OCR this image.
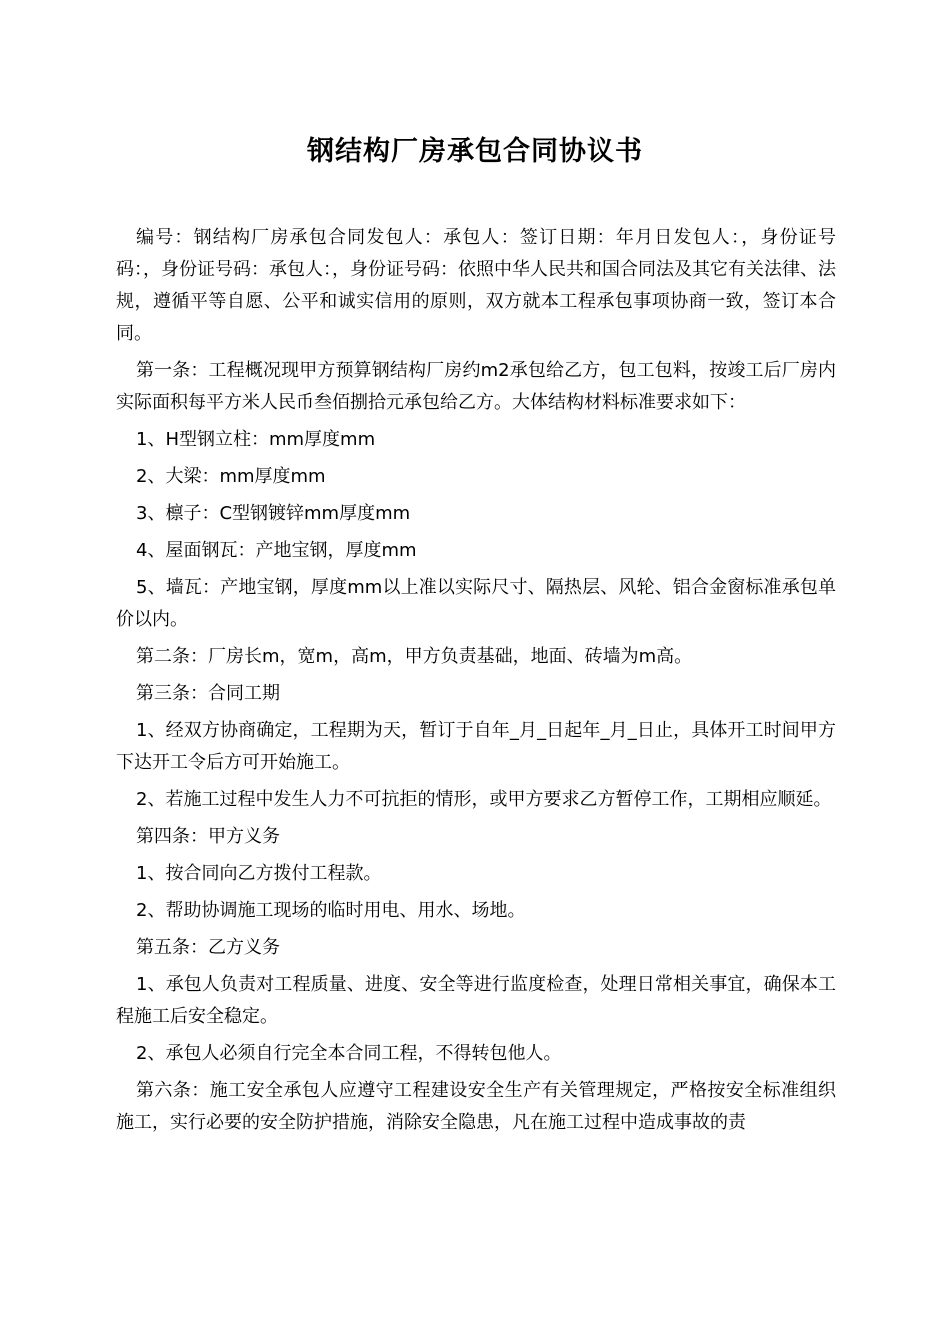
钢结构厂房承包合同协议书

编号：钢结构厂房承包合同发包人：承包人：签订日期：年月日发包人：，身份证号码：，身份证号码：承包人：，身份证号码：依照中华人民共和国合同法及其它有关法律、法规，遵循平等自愿、公平和诚实信用的原则，双方就本工程承包事项协商一致，签订本合同。

第一条：工程概况现甲方预算钢结构厂房约m2承包给乙方，包工包料，按竣工后厂房内实际面积每平方米人民币叁佰捌拾元承包给乙方。大体结构材料标准要求如下：

1、H型钢立柱：mm厚度mm

2、大梁：mm厚度mm

3、檩子：C型钢镀锌mm厚度mm

4、屋面钢瓦：产地宝钢，厚度mm

5、墙瓦：产地宝钢，厚度mm以上准以实际尺寸、隔热层、风轮、铝合金窗标准承包单价以内。

第二条：厂房长m，宽m，高m，甲方负责基础，地面、砖墙为m高。

第三条：合同工期

1、经双方协商确定，工程期为天，暂订于自年_月_日起年_月_日止，具体开工时间甲方下达开工令后方可开始施工。

2、若施工过程中发生人力不可抗拒的情形，或甲方要求乙方暂停工作，工期相应顺延。

第四条：甲方义务

1、按合同向乙方拨付工程款。

2、帮助协调施工现场的临时用电、用水、场地。

第五条：乙方义务

1、承包人负责对工程质量、进度、安全等进行监度检查，处理日常相关事宜，确保本工程施工后安全稳定。

2、承包人必须自行完全本合同工程，不得转包他人。

第六条：施工安全承包人应遵守工程建设安全生产有关管理规定，严格按安全标准组织施工，实行必要的安全防护措施，消除安全隐患，凡在施工过程中造成事故的责
